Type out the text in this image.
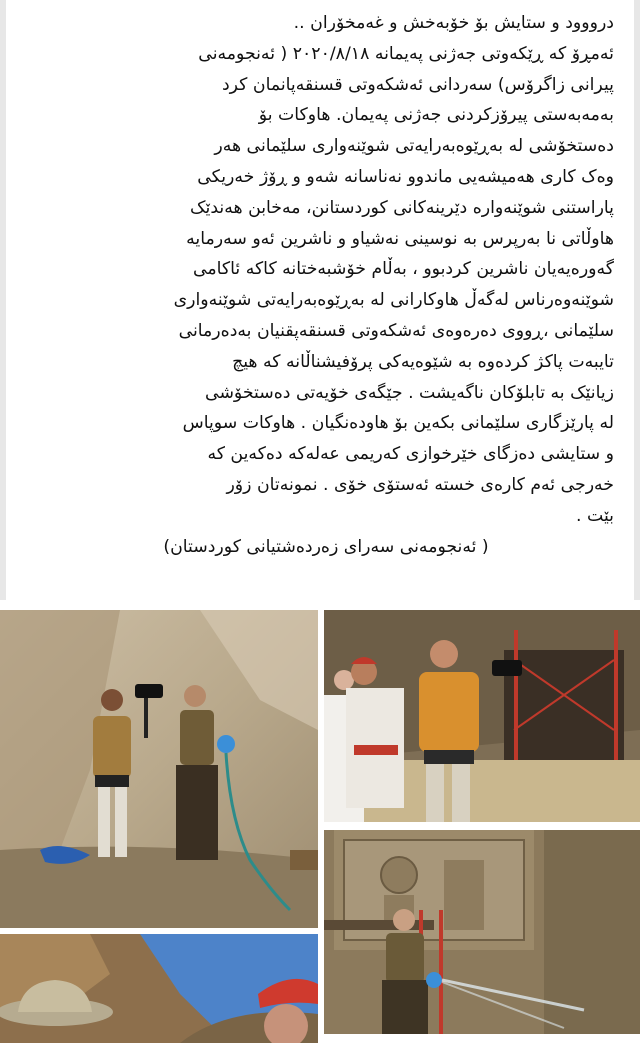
درووود و ستایش بۆ خۆبەخش و غەمخۆران ..

ئەمڕۆ کە ڕێکەوتی جەژنی پەیمانە ۲۰۲۰/۸/۱۸ ( ئەنجومەنی

پیرانی زاگرۆس) سەردانی ئەشکەوتی قسنقەپانمان کرد

بەمەبەستی پیرۆزکردنی جەژنی پەیمان. هاوکات بۆ

دەستخۆشی لە بەڕێوەبەرایەتی شوێنەواری سلێمانی هەر

وەک کاری هەمیشەیی ماندوو نەناسانە شەو و ڕۆژ خەریکی

پاراستنی شوێنەوارە دێرینەکانی کوردستانن، مەخابن هەندێک

هاوڵاتی نا بەرپرس بە نوسینی نەشیاو و ناشرین ئەو سەرمایە

گەورەیەیان ناشرین کردبوو ، بەڵام خۆشبەختانە کاکە ئاکامی

شوێنەوەرناس لەگەڵ هاوکارانی لە بەڕێوەبەرایەتی شوێنەواری

سلێمانی ،ڕووی دەرەوەی ئەشکەوتی قسنقەپقنیان بەدەرمانی

تایبەت پاکژ کردەوە بە شێوەیەکی پرۆفیشناڵانە کە هیچ

زیانێک بە تابلۆکان ناگەیشت . جێگەی خۆیەتی دەستخۆشی

لە پارێزگاری سلێمانی بکەین بۆ هاودەنگیان . هاوکات سوپاس

و ستایشی دەزگای خێرخوازی کەریمی عەلەکە دەکەین کە

خەرجی ئەم کارەی خستە ئەستۆی خۆی . نمونەتان زۆر

بێت .

( ئەنجومەنی سەرای زەردەشتیانی کوردستان)
